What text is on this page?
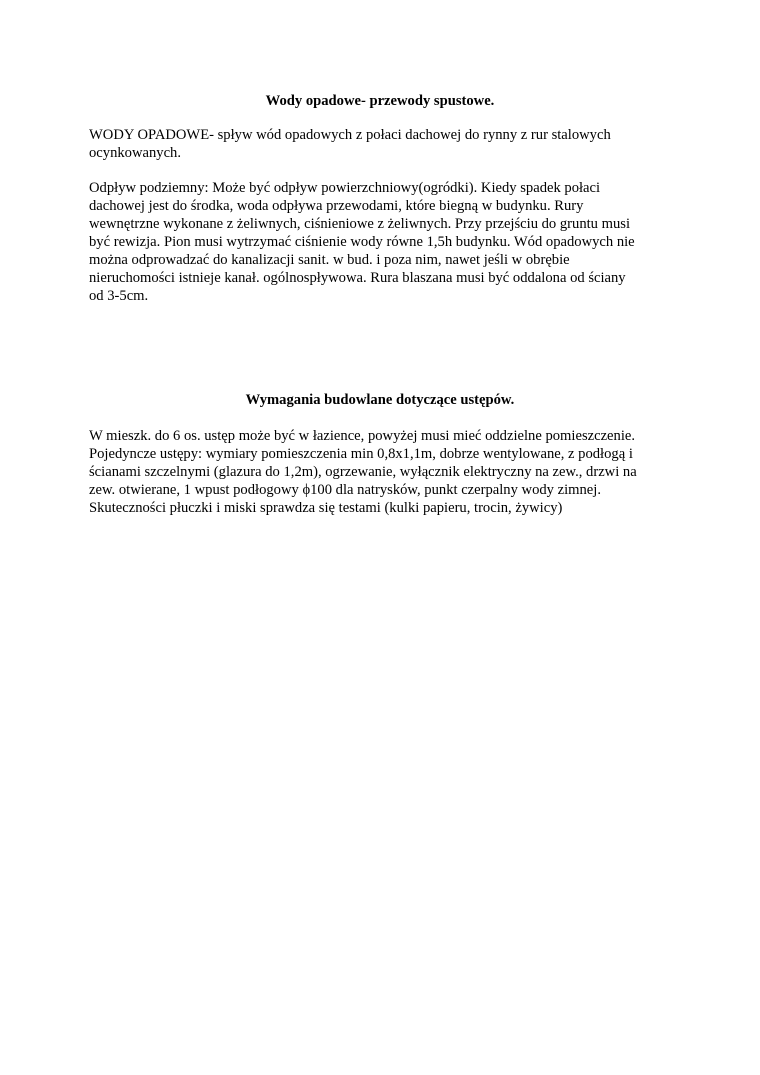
Wody opadowe- przewody spustowe.
WODY OPADOWE- spływ wód opadowych z połaci dachowej do rynny z rur stalowych
ocynkowanych.
Odpływ podziemny: Może być odpływ powierzchniowy(ogródki). Kiedy spadek połaci
dachowej jest do środka, woda odpływa przewodami, które biegną w budynku. Rury
wewnętrzne wykonane z żeliwnych, ciśnieniowe z żeliwnych. Przy przejściu do gruntu musi
być rewizja. Pion musi wytrzymać ciśnienie wody równe 1,5h budynku. Wód opadowych nie
można odprowadzać do kanalizacji sanit. w bud. i poza nim, nawet jeśli w obrębie
nieruchomości istnieje kanał. ogólnospływowa. Rura blaszana musi być oddalona od ściany
od 3-5cm.
Wymagania budowlane dotyczące ustępów.
W mieszk. do 6 os. ustęp może być w łazience, powyżej musi mieć oddzielne pomieszczenie.
Pojedyncze ustępy: wymiary pomieszczenia min 0,8x1,1m, dobrze wentylowane, z podłogą i
ścianami szczelnymi (glazura do 1,2m), ogrzewanie, wyłącznik elektryczny na zew., drzwi na
zew. otwierane, 1 wpust podłogowy ϕ100 dla natrysków, punkt czerpalny wody zimnej.
Skuteczności płuczki i miski sprawdza się testami (kulki papieru, trocin, żywicy)
